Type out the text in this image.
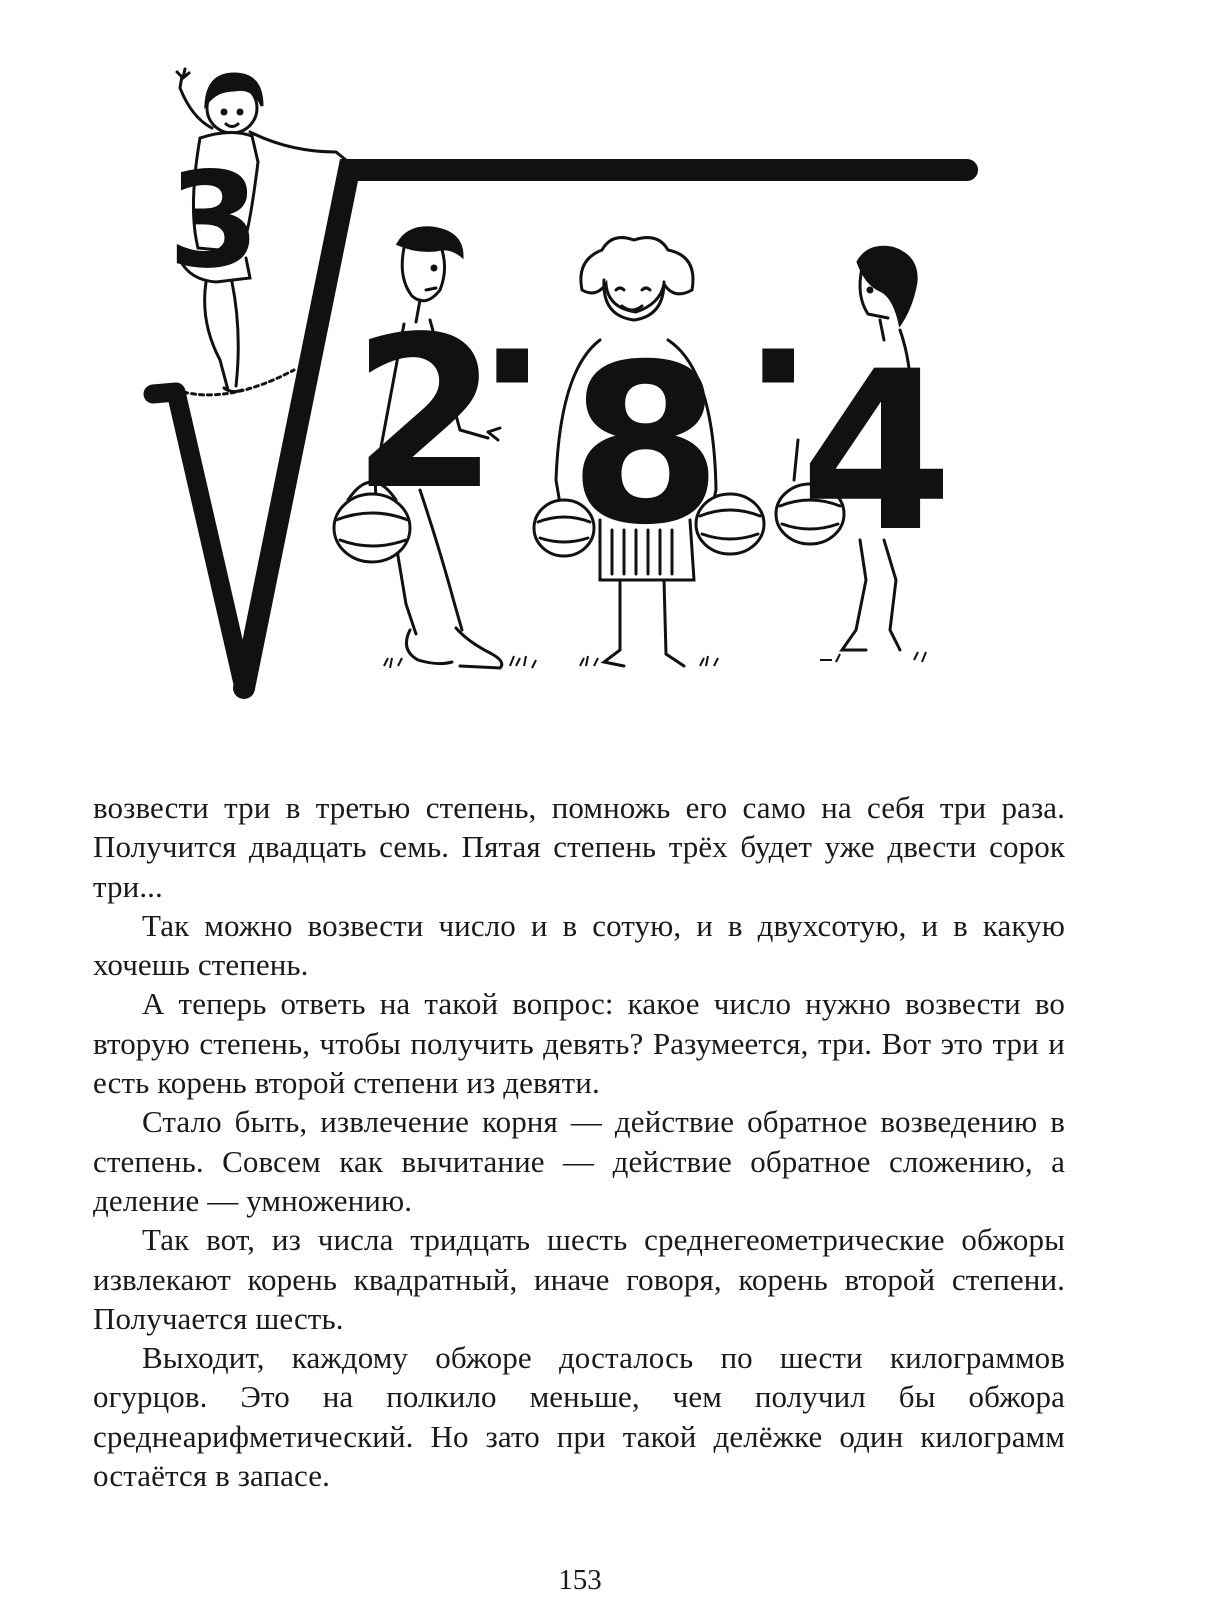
3
2
· 8 ·
4

возвести три в третью степень, помножь его само на себя три раза. Получится двадцать семь. Пятая степень трёх будет уже двести сорок три...

Так можно возвести число и в сотую, и в двухсотую, и в какую хочешь степень.

А теперь ответь на такой вопрос: какое число нужно возвести во вторую степень, чтобы получить девять? Разумеется, три. Вот это три и есть корень второй степени из девяти.

Стало быть, извлечение корня — действие обратное возведению в степень. Совсем как вычитание — действие обратное сложению, а деление — умножению.

Так вот, из числа тридцать шесть среднегеометрические обжоры извлекают корень квадратный, иначе говоря, корень второй степени. Получается шесть.

Выходит, каждому обжоре досталось по шести килограммов огурцов. Это на полкило меньше, чем получил бы обжора среднеарифметический. Но зато при такой делёжке один килограмм остаётся в запасе.

153
